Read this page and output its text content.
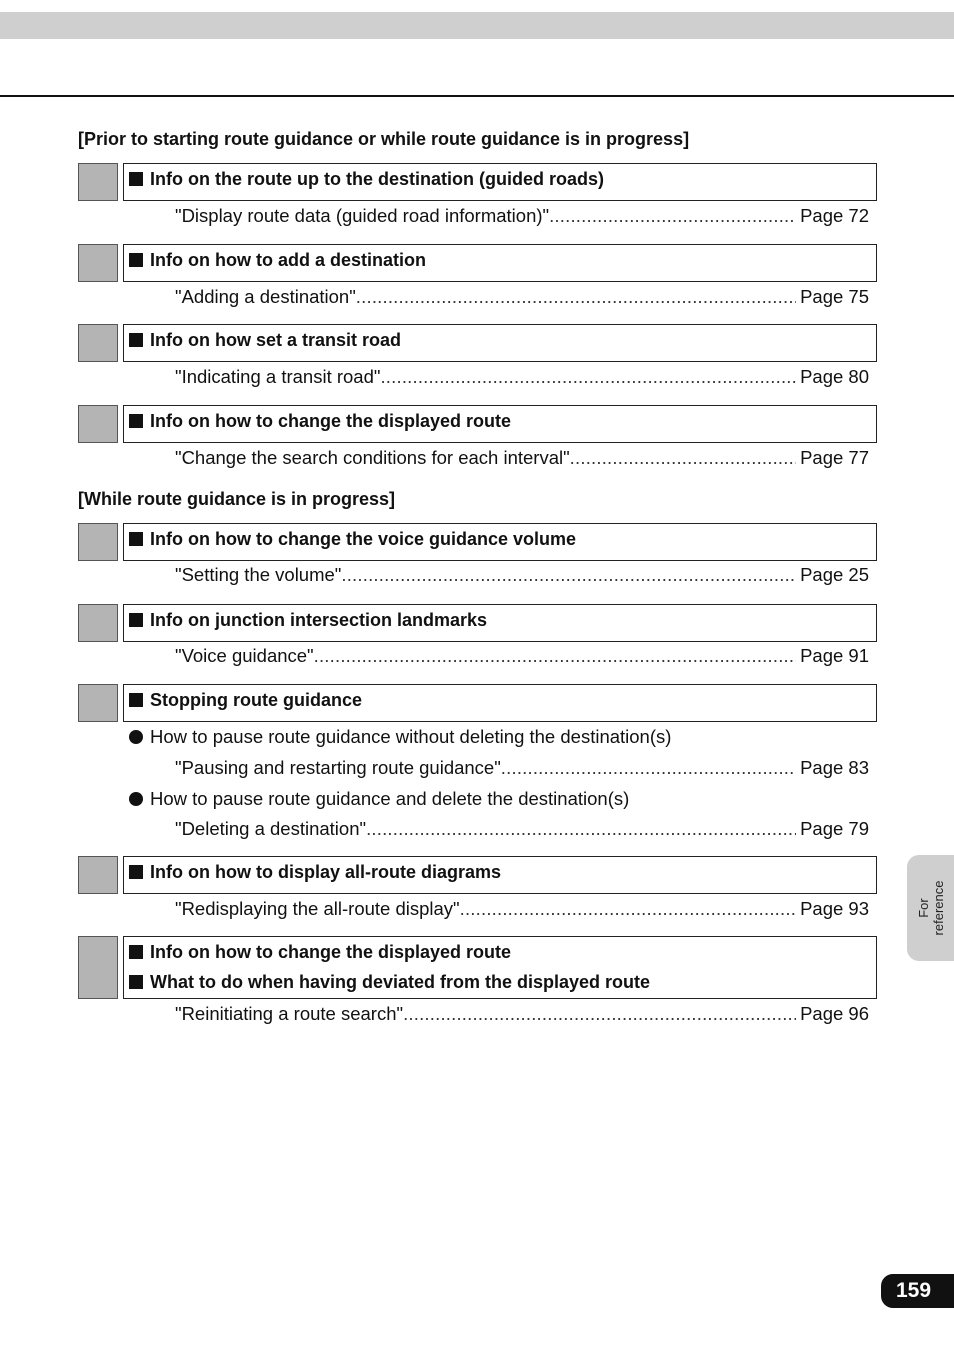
[Prior to starting route guidance or while route guidance is in progress]
Info on the route up to the destination (guided roads)
"Display route data (guided road information)" .....	Page 72
Info on how to add a destination
"Adding a destination" .....	Page 75
Info on how set a transit road
"Indicating a transit road" .....	Page 80
Info on how to change the displayed route
"Change the search conditions for each interval" .....	Page 77
[While route guidance is in progress]
Info on how to change the voice guidance volume
"Setting the volume" .....	Page 25
Info on junction intersection landmarks
"Voice guidance" .....	Page 91
Stopping route guidance
How to pause route guidance without deleting the destination(s)
"Pausing and restarting route guidance" .....	Page 83
How to pause route guidance and delete the destination(s)
"Deleting a destination" .....	Page 79
Info on how to display all-route diagrams
"Redisplaying the all-route display" .....	Page 93
Info on how to change the displayed route
What to do when having deviated from the displayed route
"Reinitiating a route search" .....	Page 96
For reference
159
